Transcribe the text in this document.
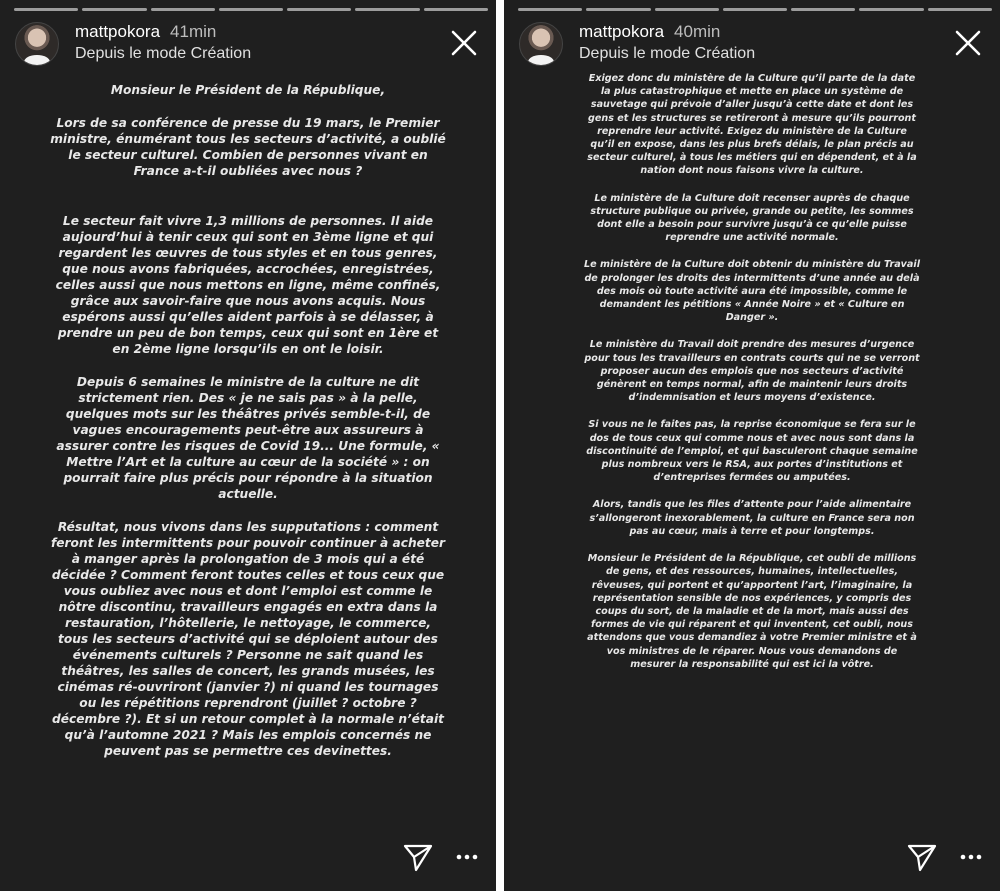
mattpokora 41min
Depuis le mode Création

Monsieur le Président de la République,

Lors de sa conférence de presse du 19 mars, le Premier ministre, énumérant tous les secteurs d’activité, a oublié le secteur culturel. Combien de personnes vivant en France a-t-il oubliées avec nous ?

Le secteur fait vivre 1,3 millions de personnes. Il aide aujourd’hui à tenir ceux qui sont en 3ème ligne et qui regardent les œuvres de tous styles et en tous genres, que nous avons fabriquées, accrochées, enregistrées, celles aussi que nous mettons en ligne, même confinés, grâce aux savoir-faire que nous avons acquis. Nous espérons aussi qu’elles aident parfois à se délasser, à prendre un peu de bon temps, ceux qui sont en 1ère et en 2ème ligne lorsqu’ils en ont le loisir.

Depuis 6 semaines le ministre de la culture ne dit strictement rien. Des « je ne sais pas » à la pelle, quelques mots sur les théâtres privés semble-t-il, de vagues encouragements peut-être aux assureurs à assurer contre les risques de Covid 19... Une formule, « Mettre l’Art et la culture au cœur de la société » : on pourrait faire plus précis pour répondre à la situation actuelle.

Résultat, nous vivons dans les supputations : comment feront les intermittents pour pouvoir continuer à acheter à manger après la prolongation de 3 mois qui a été décidée ? Comment feront toutes celles et tous ceux que vous oubliez avec nous et dont l’emploi est comme le nôtre discontinu, travailleurs engagés en extra dans la restauration, l’hôtellerie, le nettoyage, le commerce, tous les secteurs d’activité qui se déploient autour des événements culturels ? Personne ne sait quand les théâtres, les salles de concert, les grands musées, les cinémas ré-ouvriront (janvier ?) ni quand les tournages ou les répétitions reprendront (juillet ? octobre ? décembre ?). Et si un retour complet à la normale n’était qu’à l’automne 2021 ? Mais les emplois concernés ne peuvent pas se permettre ces devinettes.

mattpokora 40min
Depuis le mode Création

Exigez donc du ministère de la Culture qu’il parte de la date la plus catastrophique et mette en place un système de sauvetage qui prévoie d’aller jusqu’à cette date et dont les gens et les structures se retireront à mesure qu’ils pourront reprendre leur activité. Exigez du ministère de la Culture qu’il en expose, dans les plus brefs délais, le plan précis au secteur culturel, à tous les métiers qui en dépendent, et à la nation dont nous faisons vivre la culture.

Le ministère de la Culture doit recenser auprès de chaque structure publique ou privée, grande ou petite, les sommes dont elle a besoin pour survivre jusqu’à ce qu’elle puisse reprendre une activité normale.

Le ministère de la Culture doit obtenir du ministère du Travail de prolonger les droits des intermittents d’une année au delà des mois où toute activité aura été impossible, comme le demandent les pétitions « Année Noire » et « Culture en Danger ».

Le ministère du Travail doit prendre des mesures d’urgence pour tous les travailleurs en contrats courts qui ne se verront proposer aucun des emplois que nos secteurs d’activité génèrent en temps normal, afin de maintenir leurs droits d’indemnisation et leurs moyens d’existence.

Si vous ne le faites pas, la reprise économique se fera sur le dos de tous ceux qui comme nous et avec nous sont dans la discontinuité de l’emploi, et qui basculeront chaque semaine plus nombreux vers le RSA, aux portes d’institutions et d’entreprises fermées ou amputées.

Alors, tandis que les files d’attente pour l’aide alimentaire s’allongeront inexorablement, la culture en France sera non pas au cœur, mais à terre et pour longtemps.

Monsieur le Président de la République, cet oubli de millions de gens, et des ressources, humaines, intellectuelles, rêveuses, qui portent et qu’apportent l’art, l’imaginaire, la représentation sensible de nos expériences, y compris des coups du sort, de la maladie et de la mort, mais aussi des formes de vie qui réparent et qui inventent, cet oubli, nous attendons que vous demandiez à votre Premier ministre et à vos ministres de le réparer. Nous vous demandons de mesurer la responsabilité qui est ici la vôtre.
